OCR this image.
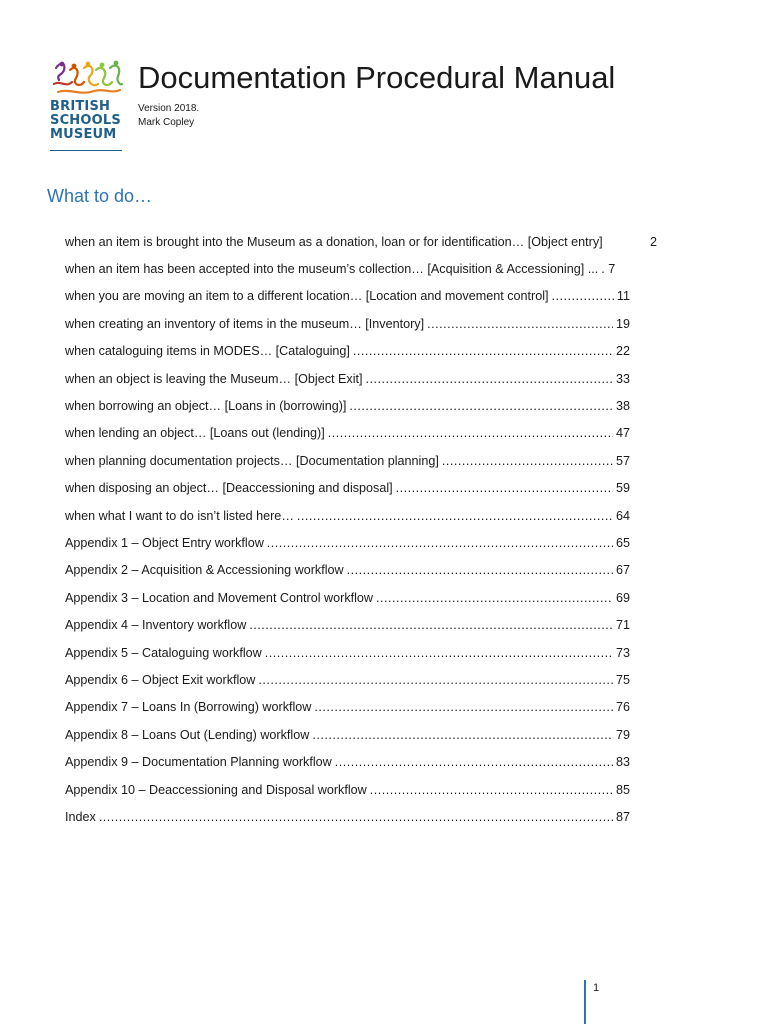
BRITISH
SCHOOLS
MUSEUM
Documentation Procedural Manual
Version 2018.
Mark Copley
What to do…
when an item is brought into the Museum as a donation, loan or for identification… [Object entry]	2
when an item has been accepted into the museum’s collection… [Acquisition & Accessioning] ... ..... 7
when you are moving an item to a different location… [Location and movement control] .....	11
when creating an inventory of items in the museum… [Inventory] .....	19
when cataloguing items in MODES… [Cataloguing] .....	22
when an object is leaving the Museum… [Object Exit] .....	33
when borrowing an object… [Loans in (borrowing)] .....	38
when lending an object… [Loans out (lending)] .....	47
when planning documentation projects… [Documentation planning] .....	57
when disposing an object… [Deaccessioning and disposal] .....	59
when what I want to do isn’t listed here… .....	64
Appendix 1 – Object Entry workflow .....	65
Appendix 2 – Acquisition & Accessioning workflow .....	67
Appendix 3 – Location and Movement Control workflow .....	69
Appendix 4 – Inventory workflow .....	71
Appendix 5 – Cataloguing workflow .....	73
Appendix 6 – Object Exit workflow .....	75
Appendix 7 – Loans In (Borrowing) workflow .....	76
Appendix 8 – Loans Out (Lending) workflow .....	79
Appendix 9 – Documentation Planning workflow .....	83
Appendix 10 – Deaccessioning and Disposal workflow .....	85
Index .....	87
1
